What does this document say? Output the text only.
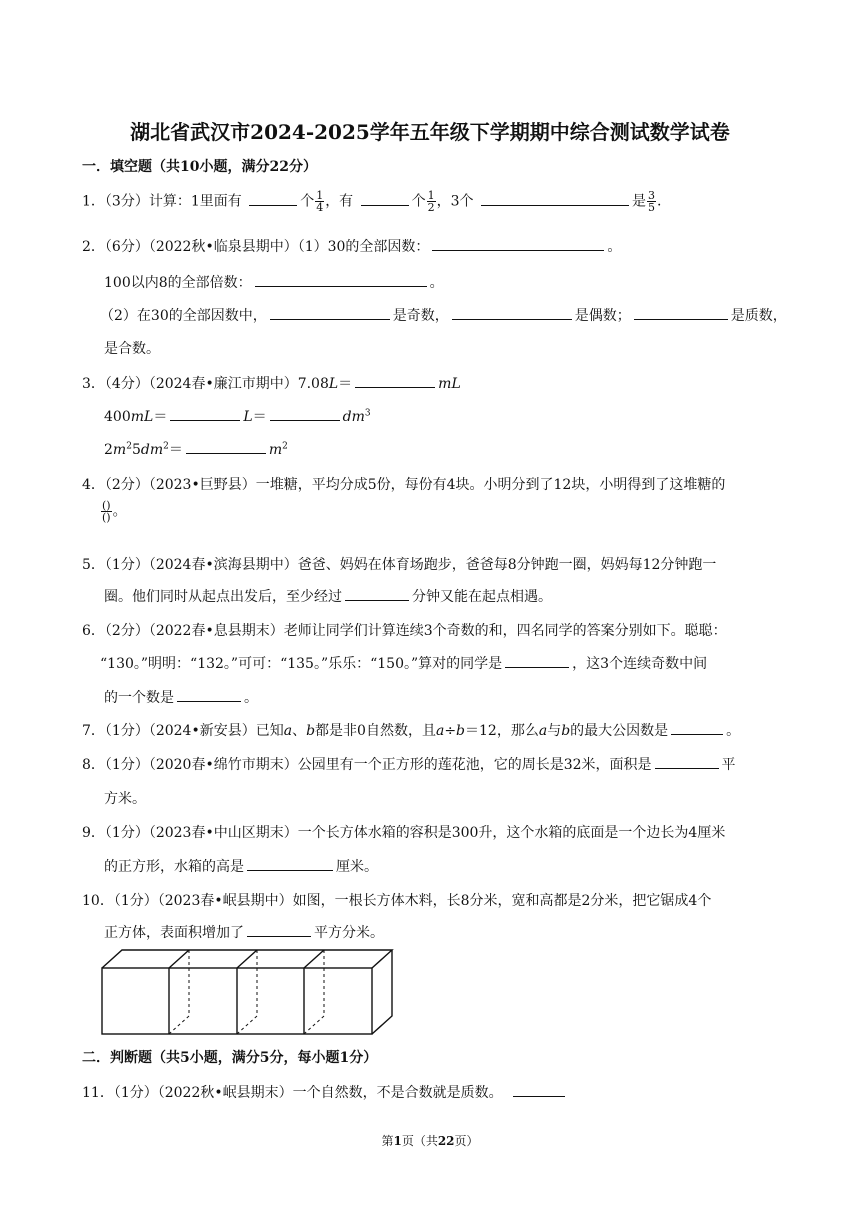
湖北省武汉市2024-2025学年五年级下学期期中综合测试数学试卷
一．填空题（共10小题，满分22分）
1．（3分）计算：1里面有	个 $\frac{1}{4}$ ，有	个 $\frac{1}{2}$ ，3个	是 $\frac{3}{5}$ .
2．（6分）（2022秋•临泉县期中）（1）30的全部因数：	。
100以内8的全部倍数：	。
（2）在30的全部因数中，	是奇数，	是偶数；	是质数，
是合数。
3．（4分）（2024春•廉江市期中）7.08L＝	mL
400mL＝	L＝	$dm^3$
$2m^25dm^2=$	$m^2$
4．（2分）（2023•巨野县）一堆糖，平均分成5份，每份有4块。小明分到了12块，小明得到了这堆糖的
$\frac{()}{()}$ 。
5．（1分）（2024春•滨海县期中）爸爸、妈妈在体育场跑步，爸爸每8分钟跑一圈，妈妈每12分钟跑一
圈。他们同时从起点出发后，至少经过	分钟又能在起点相遇。
6．（2分）（2022春•息县期末）老师让同学们计算连续3个奇数的和，四名同学的答案分别如下。聪聪：
“130。”明明：“132。”可可：“135。”乐乐：“150。”算对的同学是	，这3个连续奇数中间
的一个数是	。
7．（1分）（2024•新安县）已知a、b都是非0自然数，且a÷b＝12，那么a与b的最大公因数是	。
8．（1分）（2020春•绵竹市期末）公园里有一个正方形的莲花池，它的周长是32米，面积是	平
方米。
9．（1分）（2023春•中山区期末）一个长方体水箱的容积是300升，这个水箱的底面是一个边长为4厘米
的正方形，水箱的高是	厘米。
10．（1分）（2023春•岷县期中）如图，一根长方体木料，长8分米，宽和高都是2分米，把它锯成4个
正方体，表面积增加了	平方分米。
二．判断题（共5小题，满分5分，每小题1分）
11．（1分）（2022秋•岷县期末）一个自然数，不是合数就是质数。
第1页（共22页）
